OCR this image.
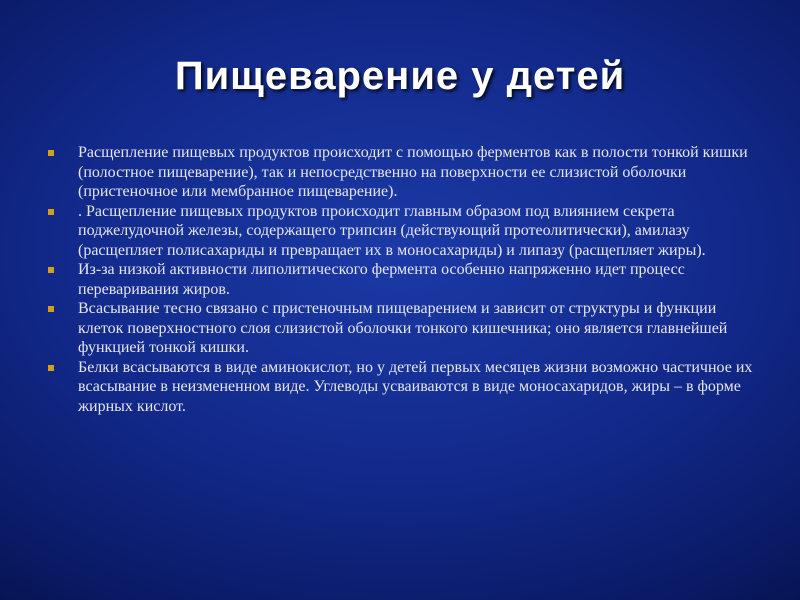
Пищеварение у детей
Расщепление пищевых продуктов происходит с помощью ферментов как в полости тонкой кишки (полостное пищеварение), так и непосредственно на поверхности ее слизистой оболочки (пристеночное или мембранное пищеварение).
. Расщепление пищевых продуктов происходит главным образом под влиянием секрета поджелудочной железы, содержащего трипсин (действующий протеолитически), амилазу (расщепляет полисахариды и превращает их в моносахариды) и липазу (расщепляет жиры).
Из-за низкой активности липолитического фермента особенно напряженно идет процесс переваривания жиров.
Всасывание тесно связано с пристеночным пищеварением и зависит от структуры и функции клеток поверхностного слоя слизистой оболочки тонкого кишечника; оно является главнейшей функцией тонкой кишки.
Белки всасываются в виде аминокислот, но у детей первых месяцев жизни возможно частичное их всасывание в неизмененном виде. Углеводы усваиваются в виде моносахаридов, жиры – в форме жирных кислот.
